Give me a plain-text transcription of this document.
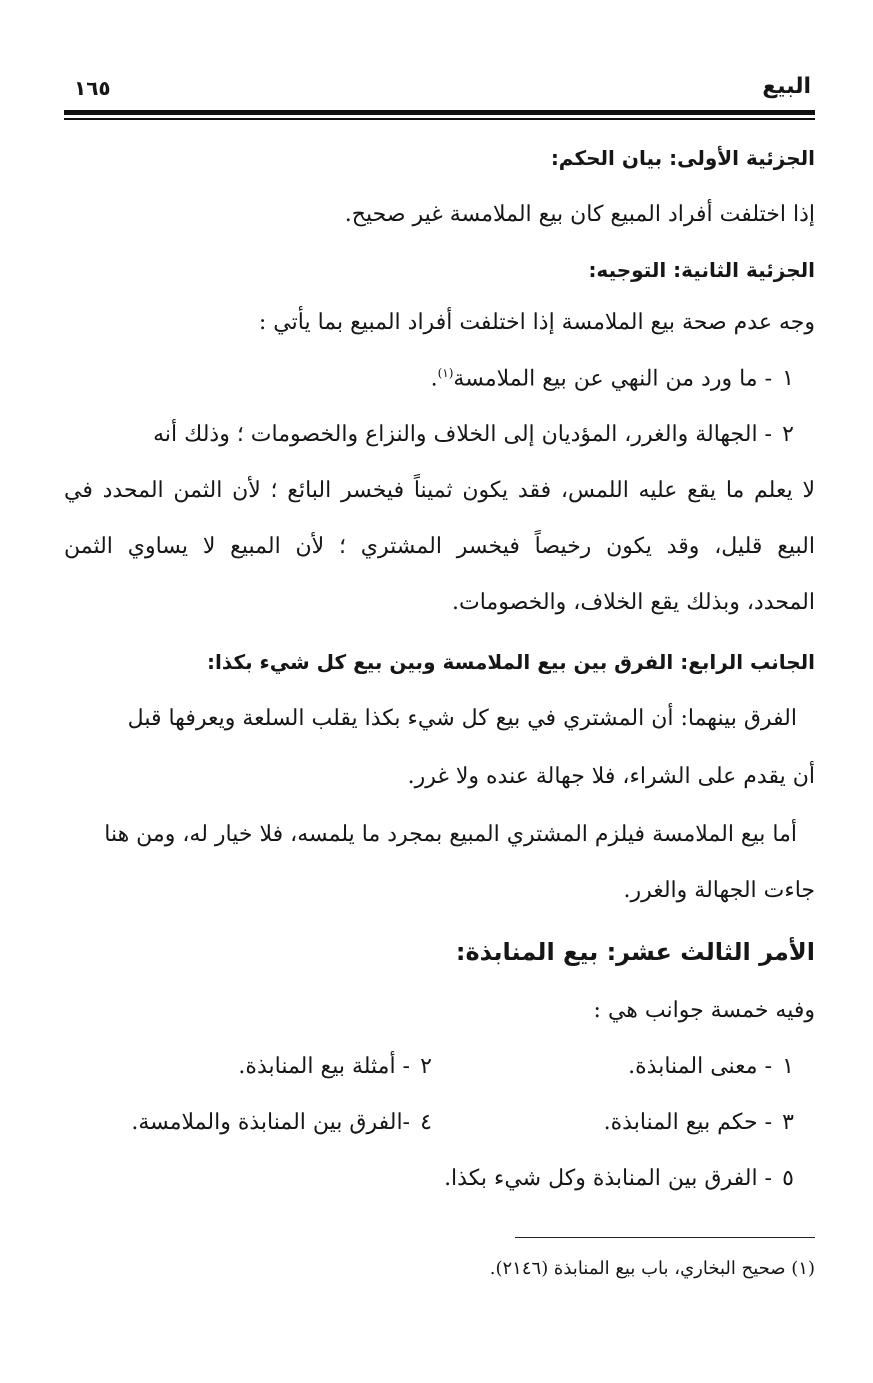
البيع
١٦٥
الجزئية الأولى: بيان الحكم:
إذا اختلفت أفراد المبيع كان بيع الملامسة غير صحيح.
الجزئية الثانية: التوجيه:
وجه عدم صحة بيع الملامسة إذا اختلفت أفراد المبيع بما يأتي :
١ - ما ورد من النهي عن بيع الملامسة$^{(١)}$.
٢ - الجهالة والغرر، المؤديان إلى الخلاف والنزاع والخصومات ؛ وذلك أنه
لا يعلم ما يقع عليه اللمس، فقد يكون ثميناً فيخسر البائع ؛ لأن الثمن المحدد في
البيع قليل، وقد يكون رخيصاً فيخسر المشتري ؛ لأن المبيع لا يساوي الثمن
المحدد، وبذلك يقع الخلاف، والخصومات.
الجانب الرابع: الفرق بين بيع الملامسة وبين بيع كل شيء بكذا:
الفرق بينهما: أن المشتري في بيع كل شيء بكذا يقلب السلعة ويعرفها قبل
أن يقدم على الشراء، فلا جهالة عنده ولا غرر.
أما بيع الملامسة فيلزم المشتري المبيع بمجرد ما يلمسه، فلا خيار له، ومن هنا
جاءت الجهالة والغرر.
الأمر الثالث عشر: بيع المنابذة:
وفيه خمسة جوانب هي :
١ - معنى المنابذة.
٢ - أمثلة بيع المنابذة.
٣ - حكم بيع المنابذة.
٤ -الفرق بين المنابذة والملامسة.
٥ - الفرق بين المنابذة وكل شيء بكذا.
(١) صحيح البخاري، باب بيع المنابذة (٢١٤٦).
